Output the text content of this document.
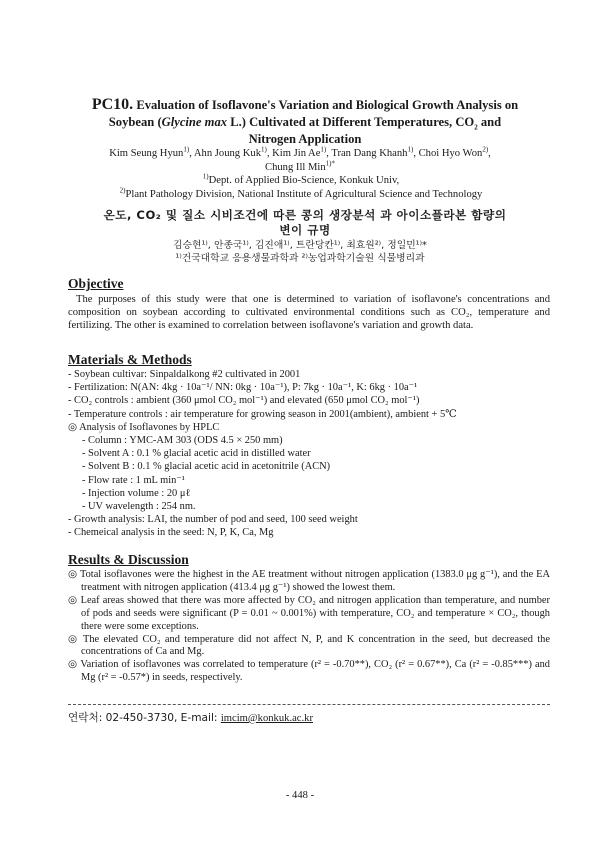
PC10. Evaluation of Isoflavone's Variation and Biological Growth Analysis on
Soybean (Glycine max L.) Cultivated at Different Temperatures, $CO_2$ and
Nitrogen Application
Kim Seung Hyun$^{1)}$, Ahn Joung Kuk$^{1)}$, Kim Jin Ae$^{1)}$, Tran Dang Khanh$^{1)}$, Choi Hyo Won$^{2)}$,
Chung Ill Min$^{1)*}$
$^{1)}$Dept. of Applied Bio-Science, Konkuk Univ,
$^{2)}$Plant Pathology Division, National Institute of Agricultural Science and Technology
온도, CO₂ 및 질소 시비조건에 따른 콩의 생장분석 과 아이소플라본 함량의
변이 규명
김승현¹⁾, 안종국¹⁾, 김진애¹⁾, 트란당칸¹⁾, 최효원²⁾, 정일민¹⁾*
¹⁾건국대학교 응용생물과학과 ²⁾농업과학기술원 식물병리과
Objective
The purposes of this study were that one is determined to variation of isoflavone's concentrations and composition on soybean according to cultivated environmental conditions such as CO₂, temperature and fertilizing. The other is examined to correlation between isoflavone's variation and growth data.
Materials & Methods
- Soybean cultivar: Sinpaldalkong #2 cultivated in 2001
- Fertilization: N(AN: 4kg · 10a⁻¹/ NN: 0kg · 10a⁻¹), P: 7kg · 10a⁻¹, K: 6kg · 10a⁻¹
- CO₂ controls : ambient (360 μmol CO₂ mol⁻¹) and elevated (650 μmol CO₂ mol⁻¹)
- Temperature controls : air temperature for growing season in 2001(ambient), ambient + 5℃
◎ Analysis of Isoflavones by HPLC
- Column : YMC-AM 303 (ODS 4.5 × 250 mm)
- Solvent A : 0.1 % glacial acetic acid in distilled water
- Solvent B : 0.1 % glacial acetic acid in acetonitrile (ACN)
- Flow rate : 1 mL min⁻¹
- Injection volume : 20 μℓ
- UV wavelength : 254 nm.
- Growth analysis: LAI, the number of pod and seed, 100 seed weight
- Chemeical analysis in the seed: N, P, K, Ca, Mg
Results & Discussion
◎ Total isoflavones were the highest in the AE treatment without nitrogen application (1383.0 μg g⁻¹), and the EA treatment with nitrogen application (413.4 μg g⁻¹) showed the lowest them.
◎ Leaf areas showed that there was more affected by CO₂ and nitrogen application than temperature, and number of pods and seeds were significant (P = 0.01 ~ 0.001%) with temperature, CO₂ and temperature × CO₂, though there were some exceptions.
◎ The elevated CO₂ and temperature did not affect N, P, and K concentration in the seed, but decreased the concentrations of Ca and Mg.
◎ Variation of isoflavones was correlated to temperature (r² = -0.70**), CO₂ (r² = 0.67**), Ca (r² = -0.85***) and Mg (r² = -0.57*) in seeds, respectively.
연락처: 02-450-3730, E-mail: imcim@konkuk.ac.kr
- 448 -
